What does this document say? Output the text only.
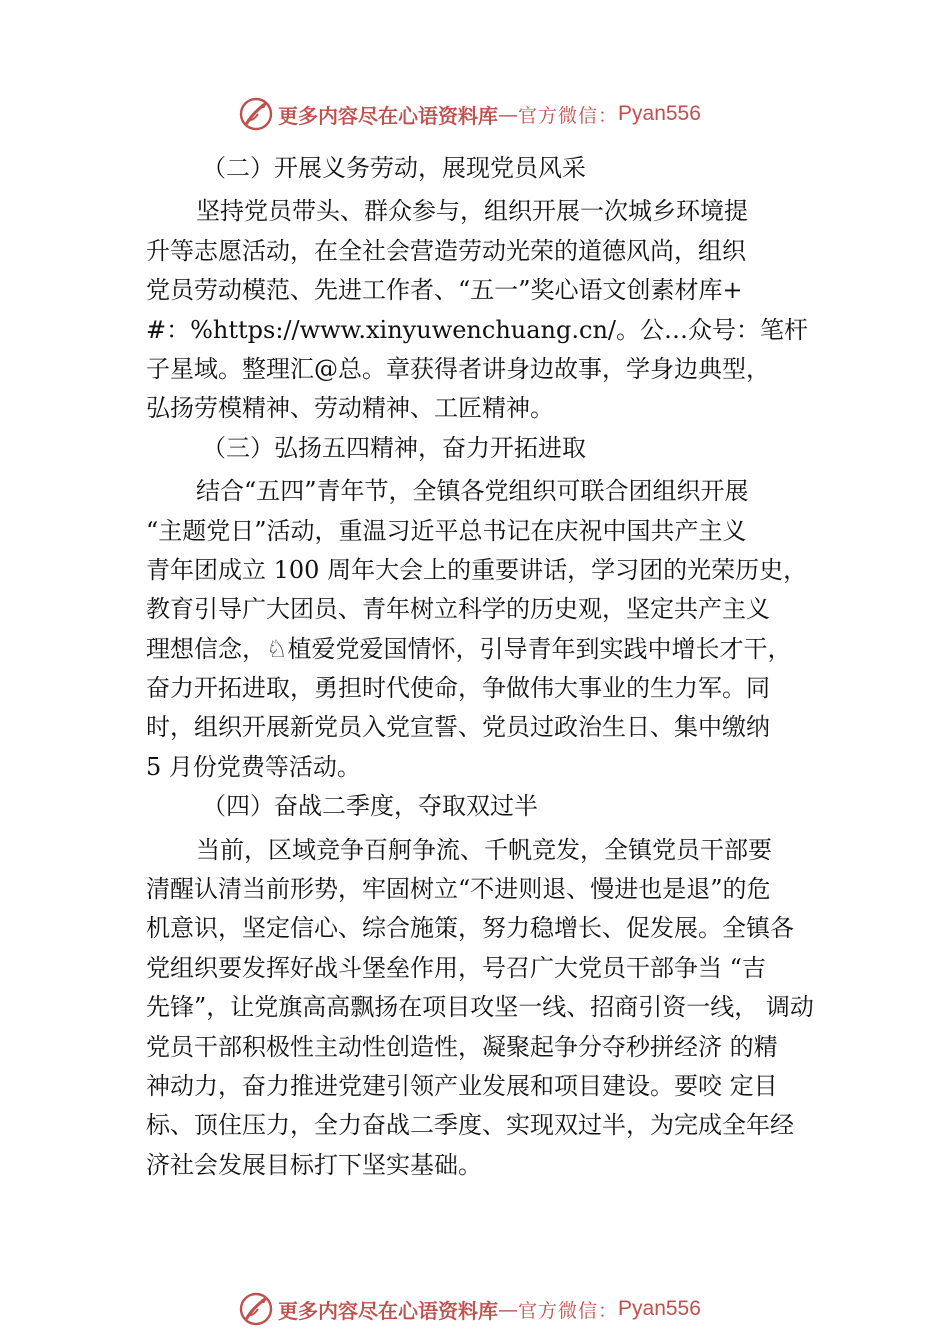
更多内容尽在心语资料库 — 官方微信： Pyan556
（二）开展义务劳动，展现党员风采
坚持党员带头、群众参与，组织开展一次城乡环境提
升等志愿活动，在全社会营造劳动光荣的道德风尚，组织
党员劳动模范、先进工作者、“五一”奖心语文创素材库+
#：%https://www.xinyuwenchuang.cn/。公…众号：笔杆
子星域。整理汇@总。章获得者讲身边故事，学身边典型，
弘扬劳模精神、劳动精神、工匠精神。
（三）弘扬五四精神，奋力开拓进取
结合“五四”青年节，全镇各党组织可联合团组织开展
“主题党日”活动，重温习近平总书记在庆祝中国共产主义
青年团成立 100 周年大会上的重要讲话，学习团的光荣历史，
教育引导广大团员、青年树立科学的历史观，坚定共产主义
理想信念，♘植爱党爱国情怀，引导青年到实践中增长才干，
奋力开拓进取，勇担时代使命，争做伟大事业的生力军。同
时，组织开展新党员入党宣誓、党员过政治生日、集中缴纳
5 月份党费等活动。
（四）奋战二季度，夺取双过半
当前，区域竞争百舸争流、千帆竞发，全镇党员干部要
清醒认清当前形势，牢固树立“不进则退、慢进也是退”的危
机意识，坚定信心、综合施策，努力稳增长、促发展。全镇各
党组织要发挥好战斗堡垒作用，号召广大党员干部争当 “吉
先锋”，让党旗高高飘扬在项目攻坚一线、招商引资一线， 调动
党员干部积极性主动性创造性，凝聚起争分夺秒拼经济 的精
神动力，奋力推进党建引领产业发展和项目建设。要咬 定目
标、顶住压力，全力奋战二季度、实现双过半，为完成全年经
济社会发展目标打下坚实基础。
更多内容尽在心语资料库 — 官方微信： Pyan556
